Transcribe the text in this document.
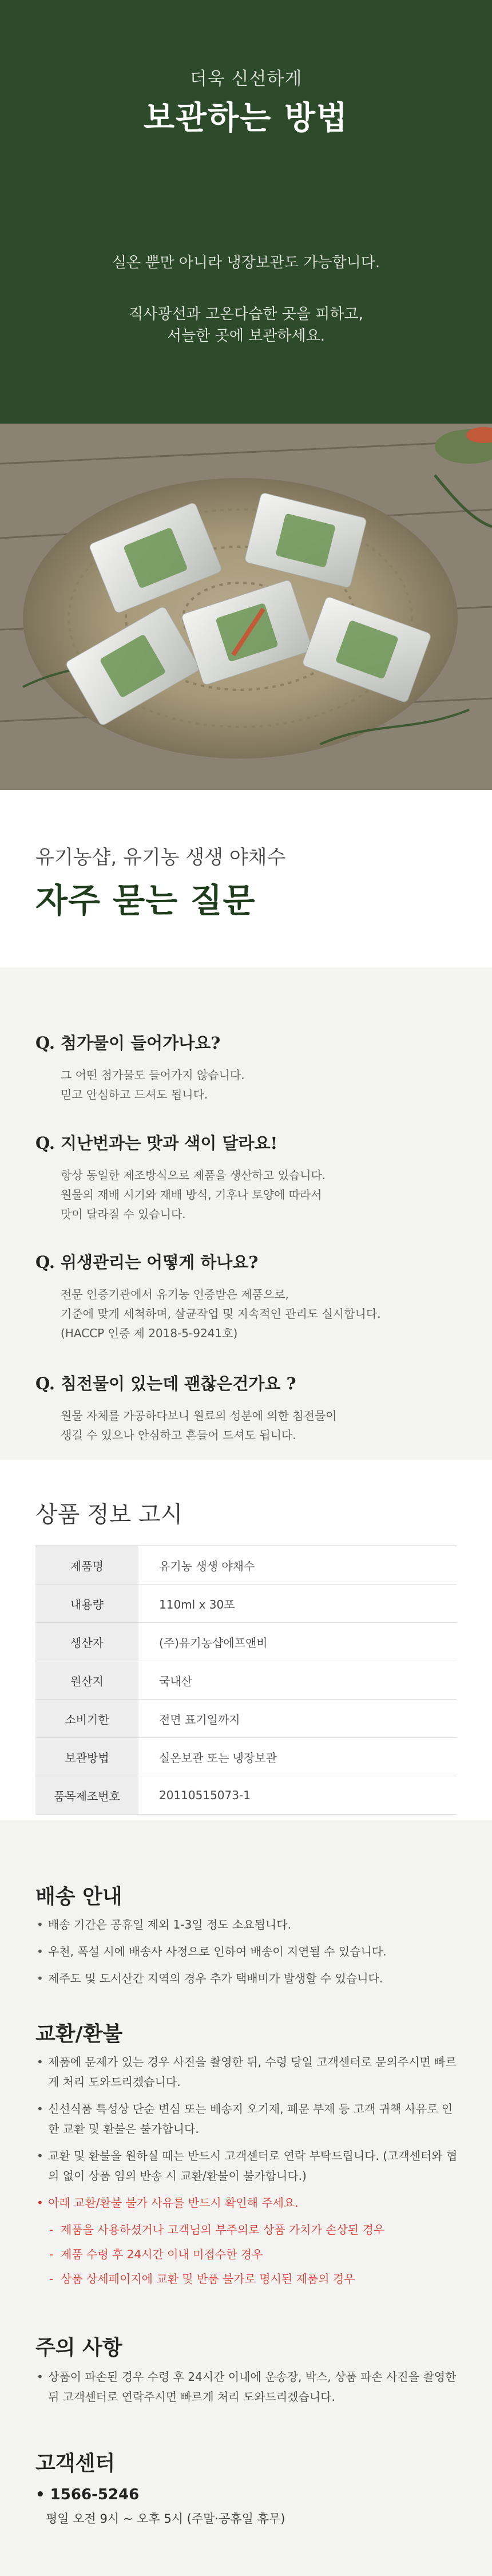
더욱 신선하게
보관하는 방법
실온 뿐만 아니라 냉장보관도 가능합니다.
직사광선과 고온다습한 곳을 피하고,
서늘한 곳에 보관하세요.
유기농샵, 유기농 생생 야채수
자주 묻는 질문
Q. 첨가물이 들어가나요?
그 어떤 첨가물도 들어가지 않습니다.
믿고 안심하고 드셔도 됩니다.
Q. 지난번과는 맛과 색이 달라요!
항상 동일한 제조방식으로 제품을 생산하고 있습니다.
원물의 재배 시기와 재배 방식, 기후나 토양에 따라서
맛이 달라질 수 있습니다.
Q. 위생관리는 어떻게 하나요?
전문 인증기관에서 유기농 인증받은 제품으로,
기준에 맞게 세척하며, 살균작업 및 지속적인 관리도 실시합니다.
(HACCP 인증 제 2018-5-9241호)
Q. 침전물이 있는데 괜찮은건가요 ?
원물 자체를 가공하다보니 원료의 성분에 의한 침전물이
생길 수 있으나 안심하고 흔들어 드셔도 됩니다.
상품 정보 고시
제품명	유기농 생생 야채수
내용량	110ml x 30포
생산자	(주)유기농샵에프앤비
원산지	국내산
소비기한	전면 표기일까지
보관방법	실온보관 또는 냉장보관
품목제조번호	20110515073-1
배송 안내
• 배송 기간은 공휴일 제외 1-3일 정도 소요됩니다.
• 우천, 폭설 시에 배송사 사정으로 인하여 배송이 지연될 수 있습니다.
• 제주도 및 도서산간 지역의 경우 추가 택배비가 발생할 수 있습니다.
교환/환불
• 제품에 문제가 있는 경우 사진을 촬영한 뒤, 수령 당일 고객센터로 문의주시면 빠르게 처리 도와드리겠습니다.
• 신선식품 특성상 단순 변심 또는 배송지 오기재, 폐문 부재 등 고객 귀책 사유로 인한 교환 및 환불은 불가합니다.
• 교환 및 환불을 원하실 때는 반드시 고객센터로 연락 부탁드립니다. (고객센터와 협의 없이 상품 임의 반송 시 교환/환불이 불가합니다.)
• 아래 교환/환불 불가 사유를 반드시 확인해 주세요.
- 제품을 사용하셨거나 고객님의 부주의로 상품 가치가 손상된 경우
- 제품 수령 후 24시간 이내 미접수한 경우
- 상품 상세페이지에 교환 및 반품 불가로 명시된 제품의 경우
주의 사항
• 상품이 파손된 경우 수령 후 24시간 이내에 운송장, 박스, 상품 파손 사진을 촬영한 뒤 고객센터로 연락주시면 빠르게 처리 도와드리겠습니다.
고객센터
• 1566-5246
평일 오전 9시 ~ 오후 5시 (주말·공휴일 휴무)
